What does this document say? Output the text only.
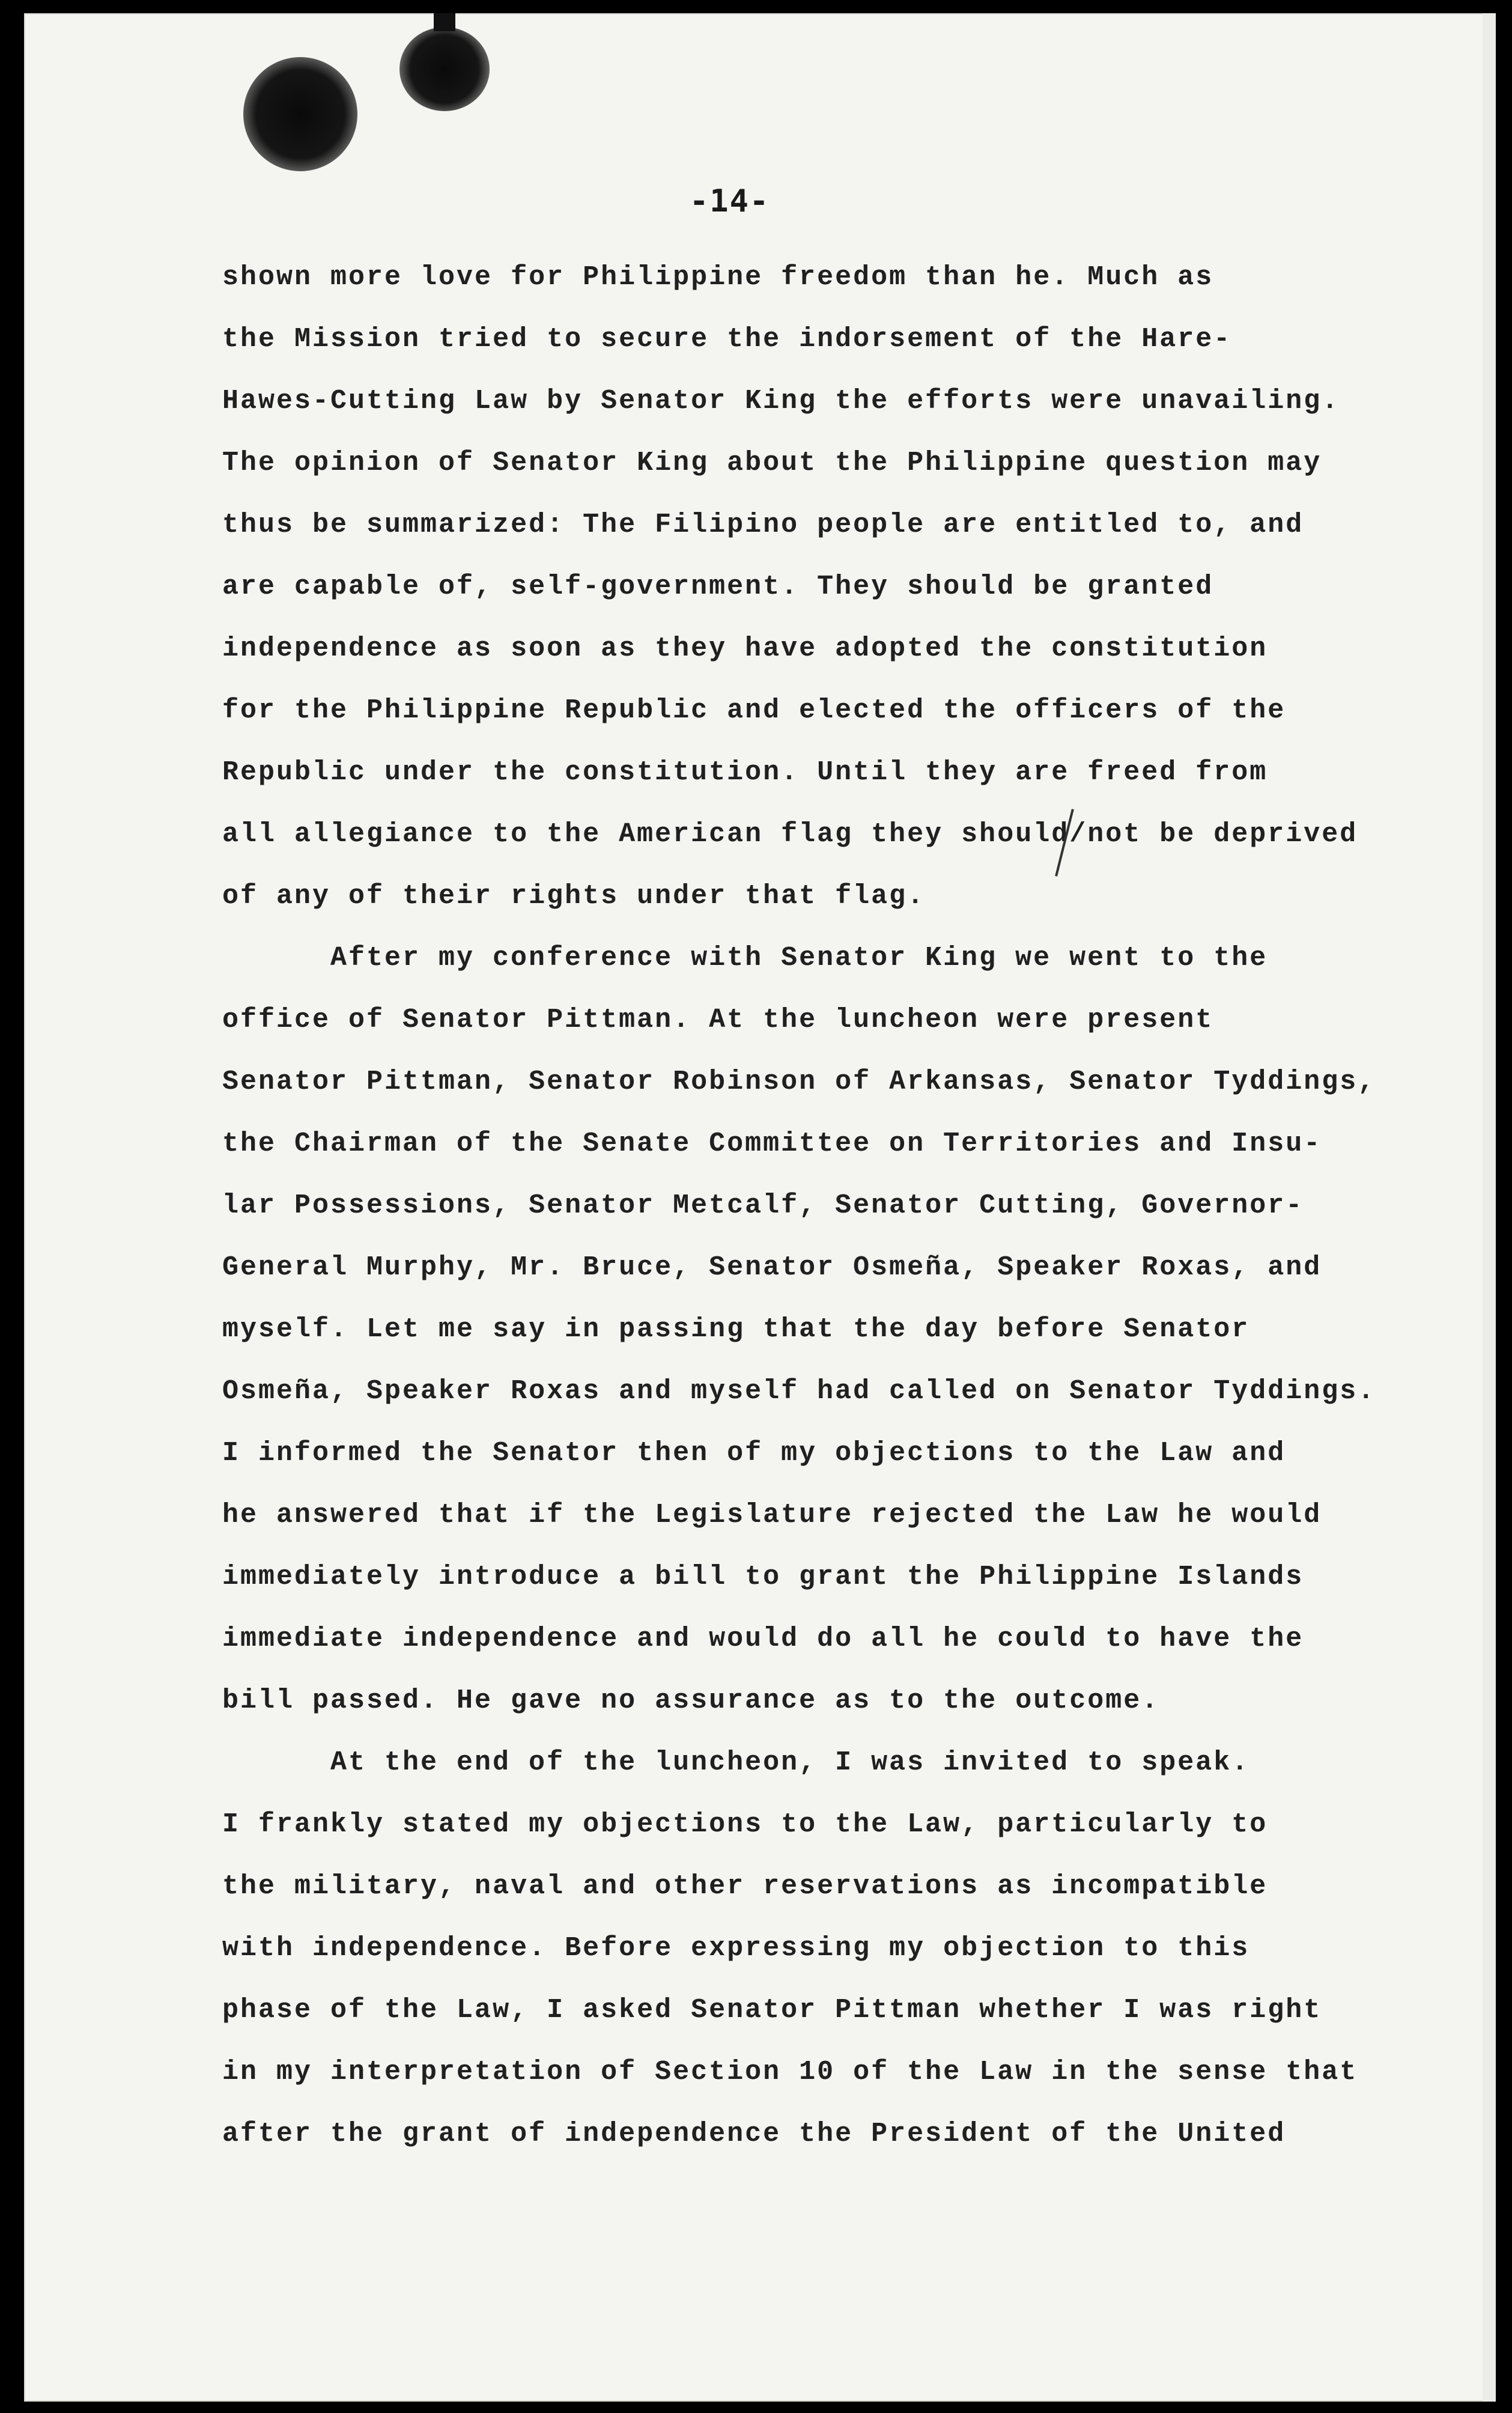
-14-
shown more love for Philippine freedom than he. Much as
the Mission tried to secure the indorsement of the Hare-
Hawes-Cutting Law by Senator King the efforts were unavailing.
The opinion of Senator King about the Philippine question may
thus be summarized: The Filipino people are entitled to, and
are capable of, self-government. They should be granted
independence as soon as they have adopted the constitution
for the Philippine Republic and elected the officers of the
Republic under the constitution. Until they are freed from
all allegiance to the American flag they should/not be deprived
of any of their rights under that flag.
After my conference with Senator King we went to the
office of Senator Pittman. At the luncheon were present
Senator Pittman, Senator Robinson of Arkansas, Senator Tyddings,
the Chairman of the Senate Committee on Territories and Insu-
lar Possessions, Senator Metcalf, Senator Cutting, Governor-
General Murphy, Mr. Bruce, Senator Osmeña, Speaker Roxas, and
myself. Let me say in passing that the day before Senator
Osmeña, Speaker Roxas and myself had called on Senator Tyddings.
I informed the Senator then of my objections to the Law and
he answered that if the Legislature rejected the Law he would
immediately introduce a bill to grant the Philippine Islands
immediate independence and would do all he could to have the
bill passed. He gave no assurance as to the outcome.
At the end of the luncheon, I was invited to speak.
I frankly stated my objections to the Law, particularly to
the military, naval and other reservations as incompatible
with independence. Before expressing my objection to this
phase of the Law, I asked Senator Pittman whether I was right
in my interpretation of Section 10 of the Law in the sense that
after the grant of independence the President of the United
